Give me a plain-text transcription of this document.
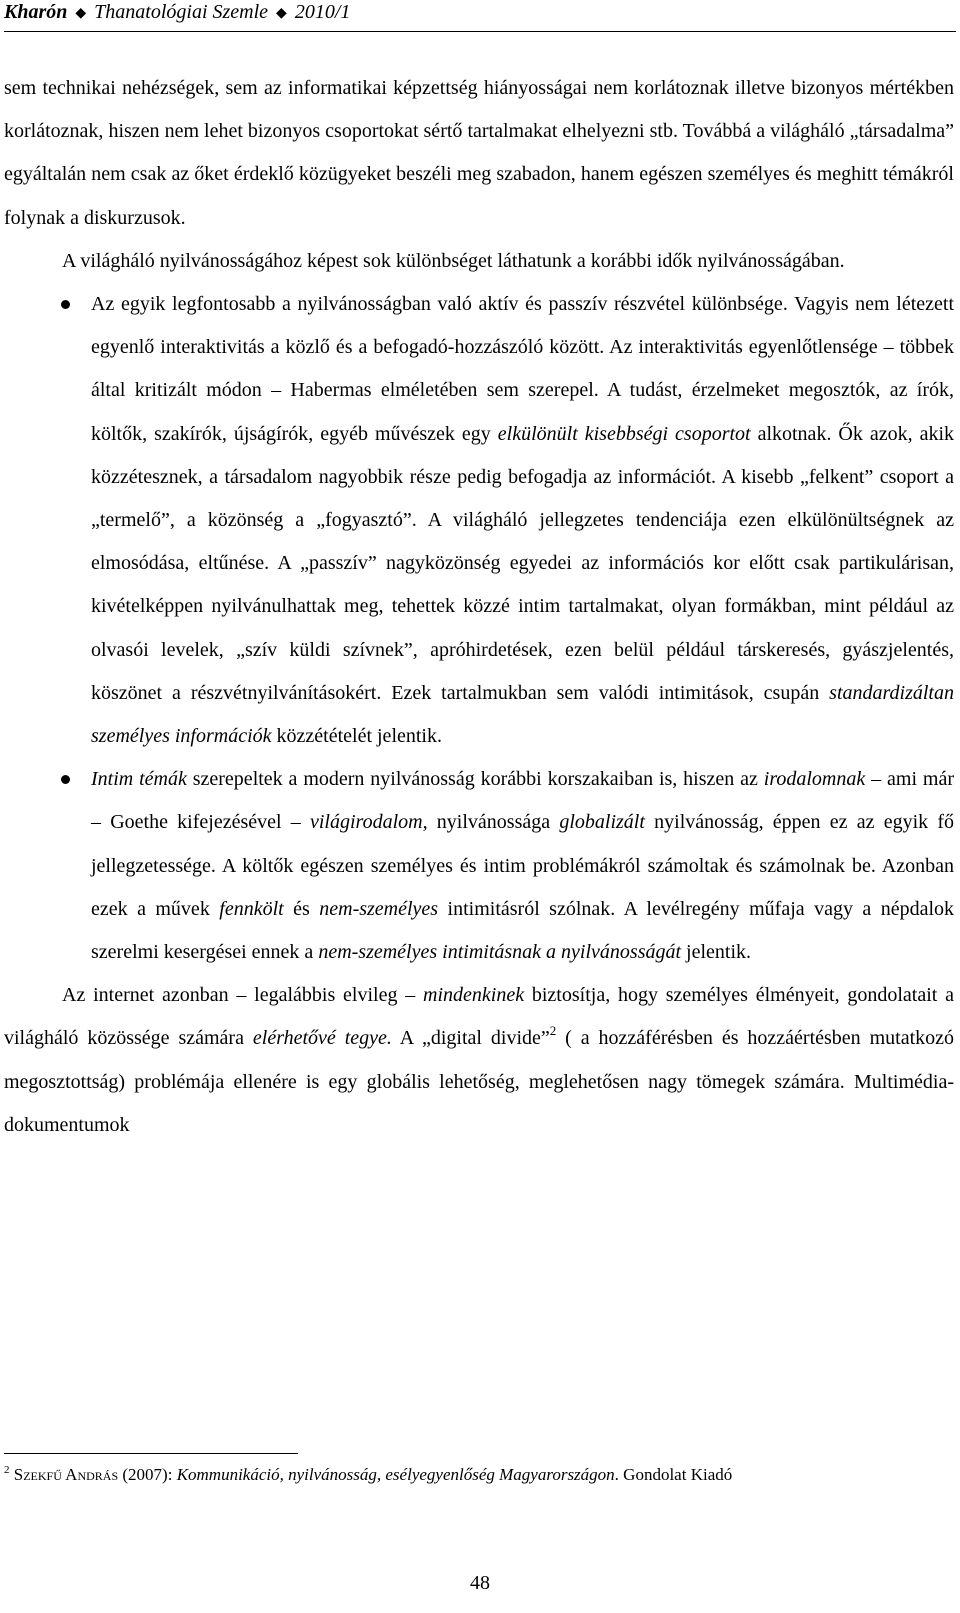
Kharón ◆ Thanatológiai Szemle ◆ 2010/1

sem technikai nehézségek, sem az informatikai képzettség hiányosságai nem korlátoznak illetve bizonyos mértékben korlátoznak, hiszen nem lehet bizonyos csoportokat sértő tartalmakat elhelyezni stb. Továbbá a világháló „társadalma” egyáltalán nem csak az őket érdeklő közügyeket beszéli meg szabadon, hanem egészen személyes és meghitt témákról folynak a diskurzusok.

A világháló nyilvánosságához képest sok különbséget láthatunk a korábbi idők nyilvánosságában.

Az egyik legfontosabb a nyilvánosságban való aktív és passzív részvétel különbsége. Vagyis nem létezett egyenlő interaktivitás a közlő és a befogadó-hozzászóló között. Az interaktivitás egyenlőtlensége – többek által kritizált módon – Habermas elméletében sem szerepel. A tudást, érzelmeket megosztók, az írók, költők, szakírók, újságírók, egyéb művészek egy elkülönült kisebbségi csoportot alkotnak. Ők azok, akik közzétesznek, a társadalom nagyobbik része pedig befogadja az információt. A kisebb „felkent” csoport a „termelő”, a közönség a „fogyasztó”. A világháló jellegzetes tendenciája ezen elkülönültségnek az elmosódása, eltűnése. A „passzív” nagyközönség egyedei az információs kor előtt csak partikulárisan, kivételképpen nyilvánulhattak meg, tehettek közzé intim tartalmakat, olyan formákban, mint például az olvasói levelek, „szív küldi szívnek”, apróhirdetések, ezen belül például társkeresés, gyászjelentés, köszönet a részvétnyilvánításokért. Ezek tartalmukban sem valódi intimitások, csupán standardizáltan személyes információk közzétételét jelentik.
Intim témák szerepeltek a modern nyilvánosság korábbi korszakaiban is, hiszen az irodalomnak – ami már – Goethe kifejezésével – világirodalom, nyilvánossága globalizált nyilvánosság, éppen ez az egyik fő jellegzetessége. A költők egészen személyes és intim problémákról számoltak és számolnak be. Azonban ezek a művek fennkölt és nem-személyes intimitásról szólnak. A levélregény műfaja vagy a népdalok szerelmi kesergései ennek a nem-személyes intimitásnak a nyilvánosságát jelentik.

Az internet azonban – legalábbis elvileg – mindenkinek biztosítja, hogy személyes élményeit, gondolatait a világháló közössége számára elérhetővé tegye. A „digital divide”$^2$ ( a hozzáférésben és hozzáértésben mutatkozó megosztottság) problémája ellenére is egy globális lehetőség, meglehetősen nagy tömegek számára. Multimédia-dokumentumok

$^2$ Szekfű András (2007): Kommunikáció, nyilvánosság, esélyegyenlőség Magyarországon. Gondolat Kiadó
48
